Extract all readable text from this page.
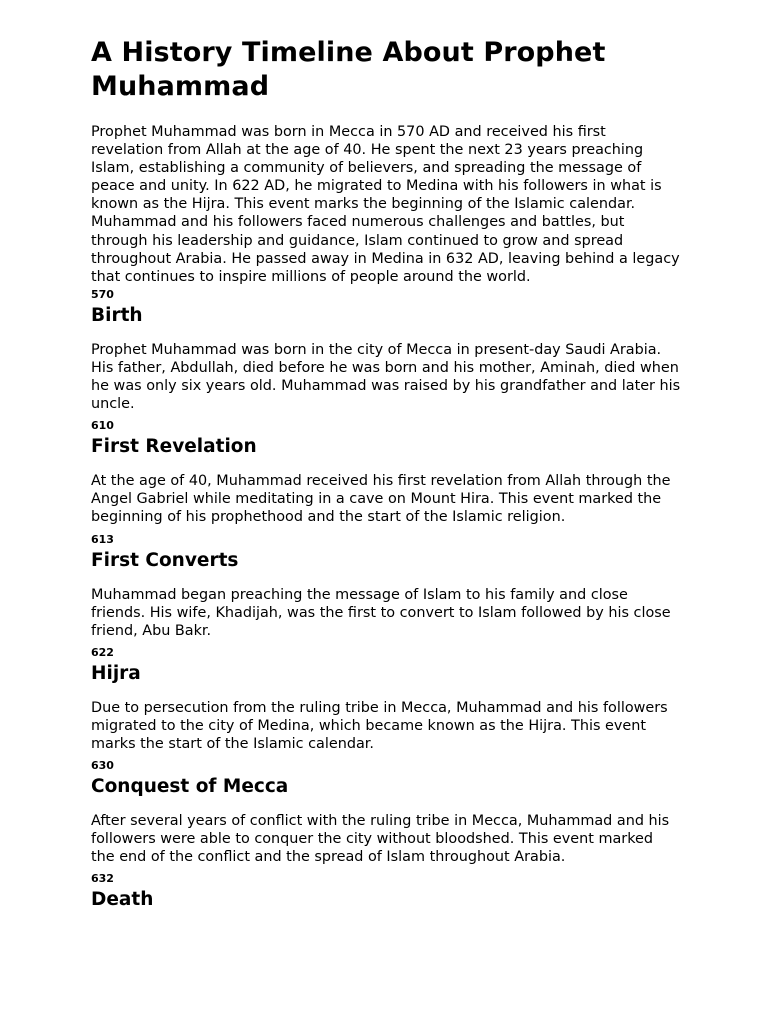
A History Timeline About Prophet Muhammad

Prophet Muhammad was born in Mecca in 570 AD and received his first revelation from Allah at the age of 40. He spent the next 23 years preaching Islam, establishing a community of believers, and spreading the message of peace and unity. In 622 AD, he migrated to Medina with his followers in what is known as the Hijra. This event marks the beginning of the Islamic calendar. Muhammad and his followers faced numerous challenges and battles, but through his leadership and guidance, Islam continued to grow and spread throughout Arabia. He passed away in Medina in 632 AD, leaving behind a legacy that continues to inspire millions of people around the world.

570
Birth

Prophet Muhammad was born in the city of Mecca in present-day Saudi Arabia. His father, Abdullah, died before he was born and his mother, Aminah, died when he was only six years old. Muhammad was raised by his grandfather and later his uncle.

610
First Revelation

At the age of 40, Muhammad received his first revelation from Allah through the Angel Gabriel while meditating in a cave on Mount Hira. This event marked the beginning of his prophethood and the start of the Islamic religion.

613
First Converts

Muhammad began preaching the message of Islam to his family and close friends. His wife, Khadijah, was the first to convert to Islam followed by his close friend, Abu Bakr.

622
Hijra

Due to persecution from the ruling tribe in Mecca, Muhammad and his followers migrated to the city of Medina, which became known as the Hijra. This event marks the start of the Islamic calendar.

630
Conquest of Mecca

After several years of conflict with the ruling tribe in Mecca, Muhammad and his followers were able to conquer the city without bloodshed. This event marked the end of the conflict and the spread of Islam throughout Arabia.

632
Death
